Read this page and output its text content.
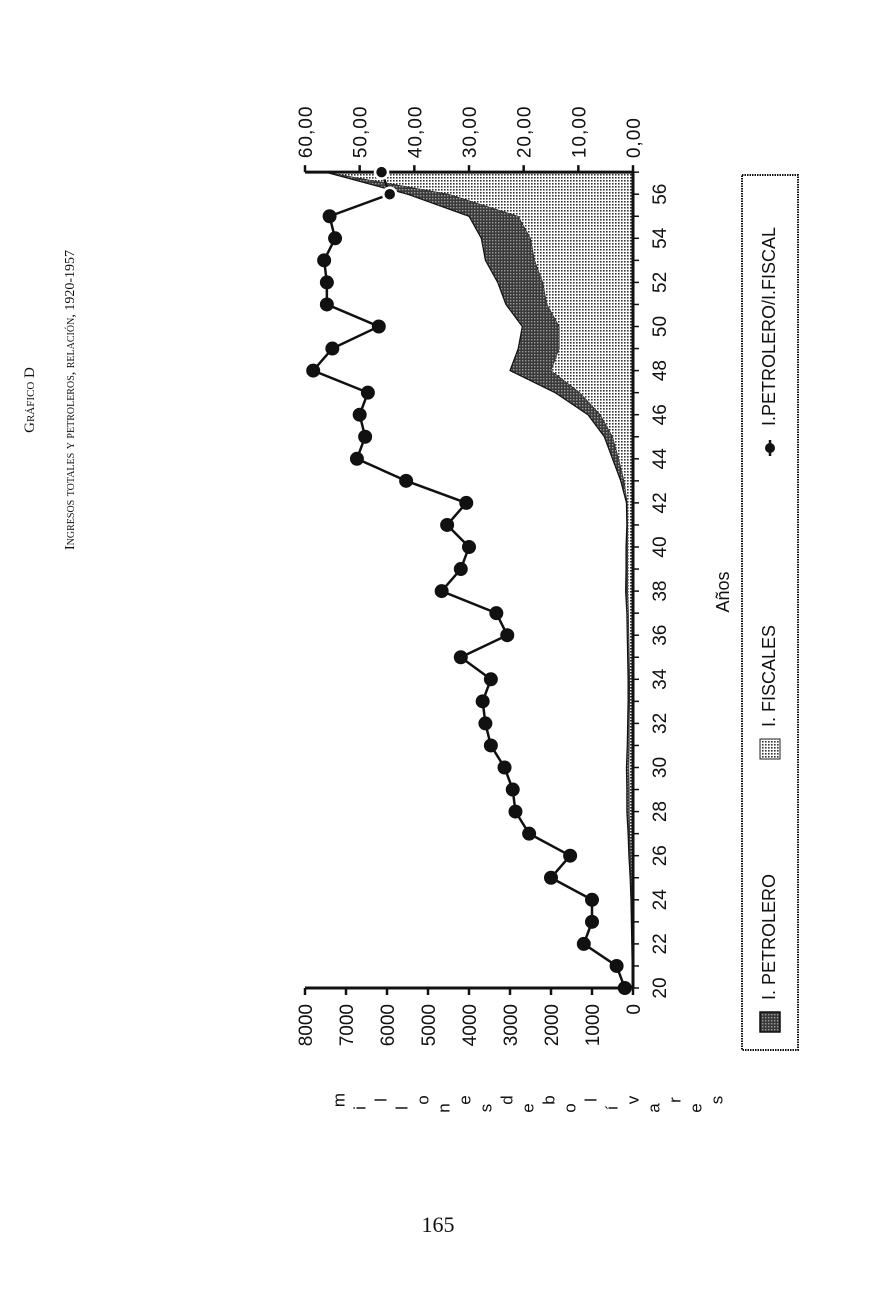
Gráfico D Ingresos totales y petroleros, relación, 1920-1957
0
1000
2000
3000
4000
5000
6000
7000
8000
0,00
10,00
20,00
30,00
40,00
50,00
60,00
20
22
24
26
28
30
32
34
36
38
40
42
44
46
48
50
52
54
56
Años
m
i
l
l
o
n
e
s
d
e
b
o
l
í
v
a
r
e
s
I. PETROLERO
I. FISCALES
I.PETROLERO/I.FISCAL
165
